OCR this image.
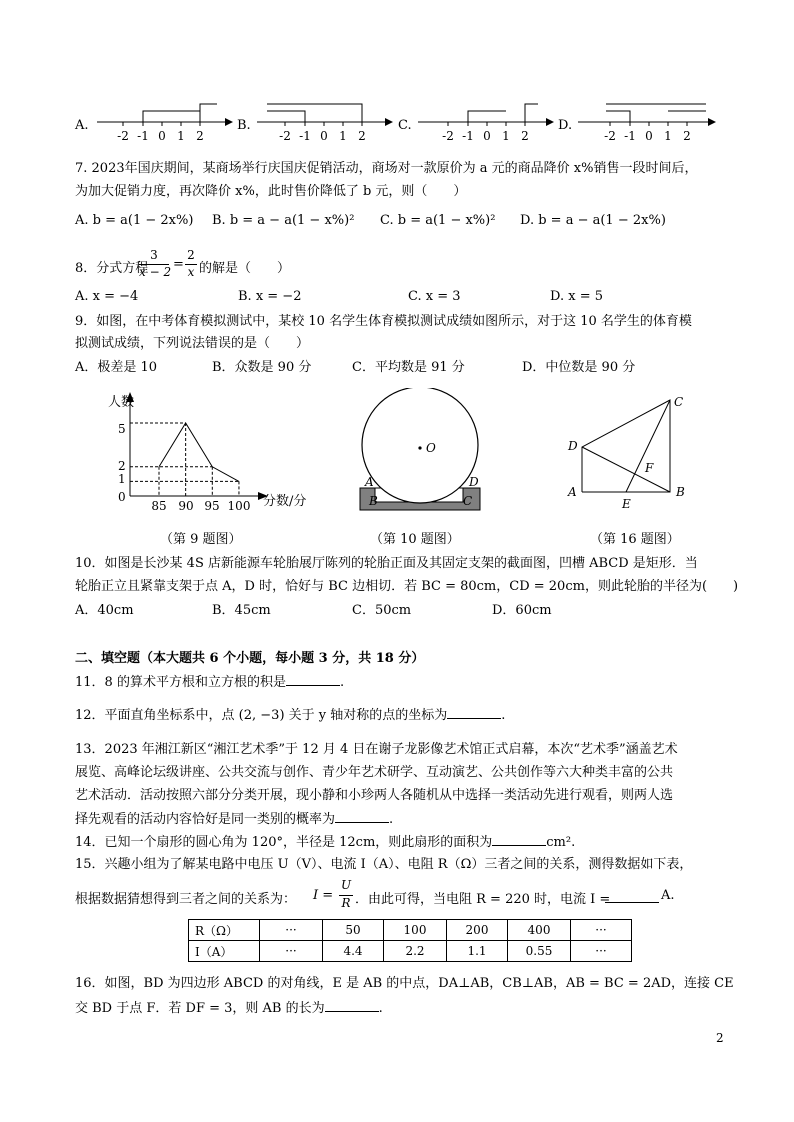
A.
-2 -1 0 1 2
B.
-2 -1 0 1 2
C.
-2 -1 0 1 2
D.
-2 -1 0 1 2
7. 2023年国庆期间，某商场举行庆国庆促销活动，商场对一款原价为 a 元的商品降价 x%销售一段时间后，
为加大促销力度，再次降价 x%，此时售价降低了 b 元，则（　　）
A. b = a(1 − 2x%) B. b = a − a(1 − x%)² C. b = a(1 − x%)² D. b = a − a(1 − 2x%)
8．分式方程
3
x − 2 =
2
x 的解是（　　）
A. x = −4	B. x = −2	C. x = 3	D. x = 5
9．如图，在中考体育模拟测试中，某校 10 名学生体育模拟测试成绩如图所示，对于这 10 名学生的体育模
拟测试成绩，下列说法错误的是（　　）
A．极差是 10	B．众数是 90 分	C．平均数是 91 分	D．中位数是 90 分
人数
分数/分
0
5
2
1
85 90 95 100
（第 9 题图）
O
A	D
B	C
（第 10 题图）
C
D
F
A
E
B
（第 16 题图）
10．如图是长沙某 4S 店新能源车轮胎展厅陈列的轮胎正面及其固定支架的截面图，凹槽 ABCD 是矩形．当
轮胎正立且紧靠支架于点 A，D 时，恰好与 BC 边相切．若 BC = 80cm，CD = 20cm，则此轮胎的半径为(　　)
A．40cm	B．45cm	C．50cm	D．60cm
二、填空题（本大题共 6 个小题，每小题 3 分，共 18 分）
11．8 的算术平方根和立方根的积是	.
12．平面直角坐标系中，点 (2, −3) 关于 y 轴对称的点的坐标为	.
13．2023 年湘江新区“湘江艺术季”于 12 月 4 日在谢子龙影像艺术馆正式启幕，本次“艺术季”涵盖艺术
展览、高峰论坛级讲座、公共交流与创作、青少年艺术研学、互动演艺、公共创作等六大种类丰富的公共
艺术活动．活动按照六部分分类开展，现小静和小珍两人各随机从中选择一类活动先进行观看，则两人选
择先观看的活动内容恰好是同一类别的概率为	.
14．已知一个扇形的圆心角为 120°，半径是 12cm，则此扇形的面积为	cm².
15．兴趣小组为了解某电路中电压 U（V）、电流 I（A）、电阻 R（Ω）三者之间的关系，测得数据如下表，
根据数据猜想得到三者之间的关系为： I =
U
R ．由此可得，当电阻 R = 220 时，电流 I =	A.
R（Ω）	···	50	100	200	400	···
I（A）	···	4.4	2.2	1.1	0.55	···
16．如图，BD 为四边形 ABCD 的对角线，E 是 AB 的中点，DA⊥AB，CB⊥AB，AB = BC = 2AD，连接 CE
交 BD 于点 F．若 DF = 3，则 AB 的长为	.
2
